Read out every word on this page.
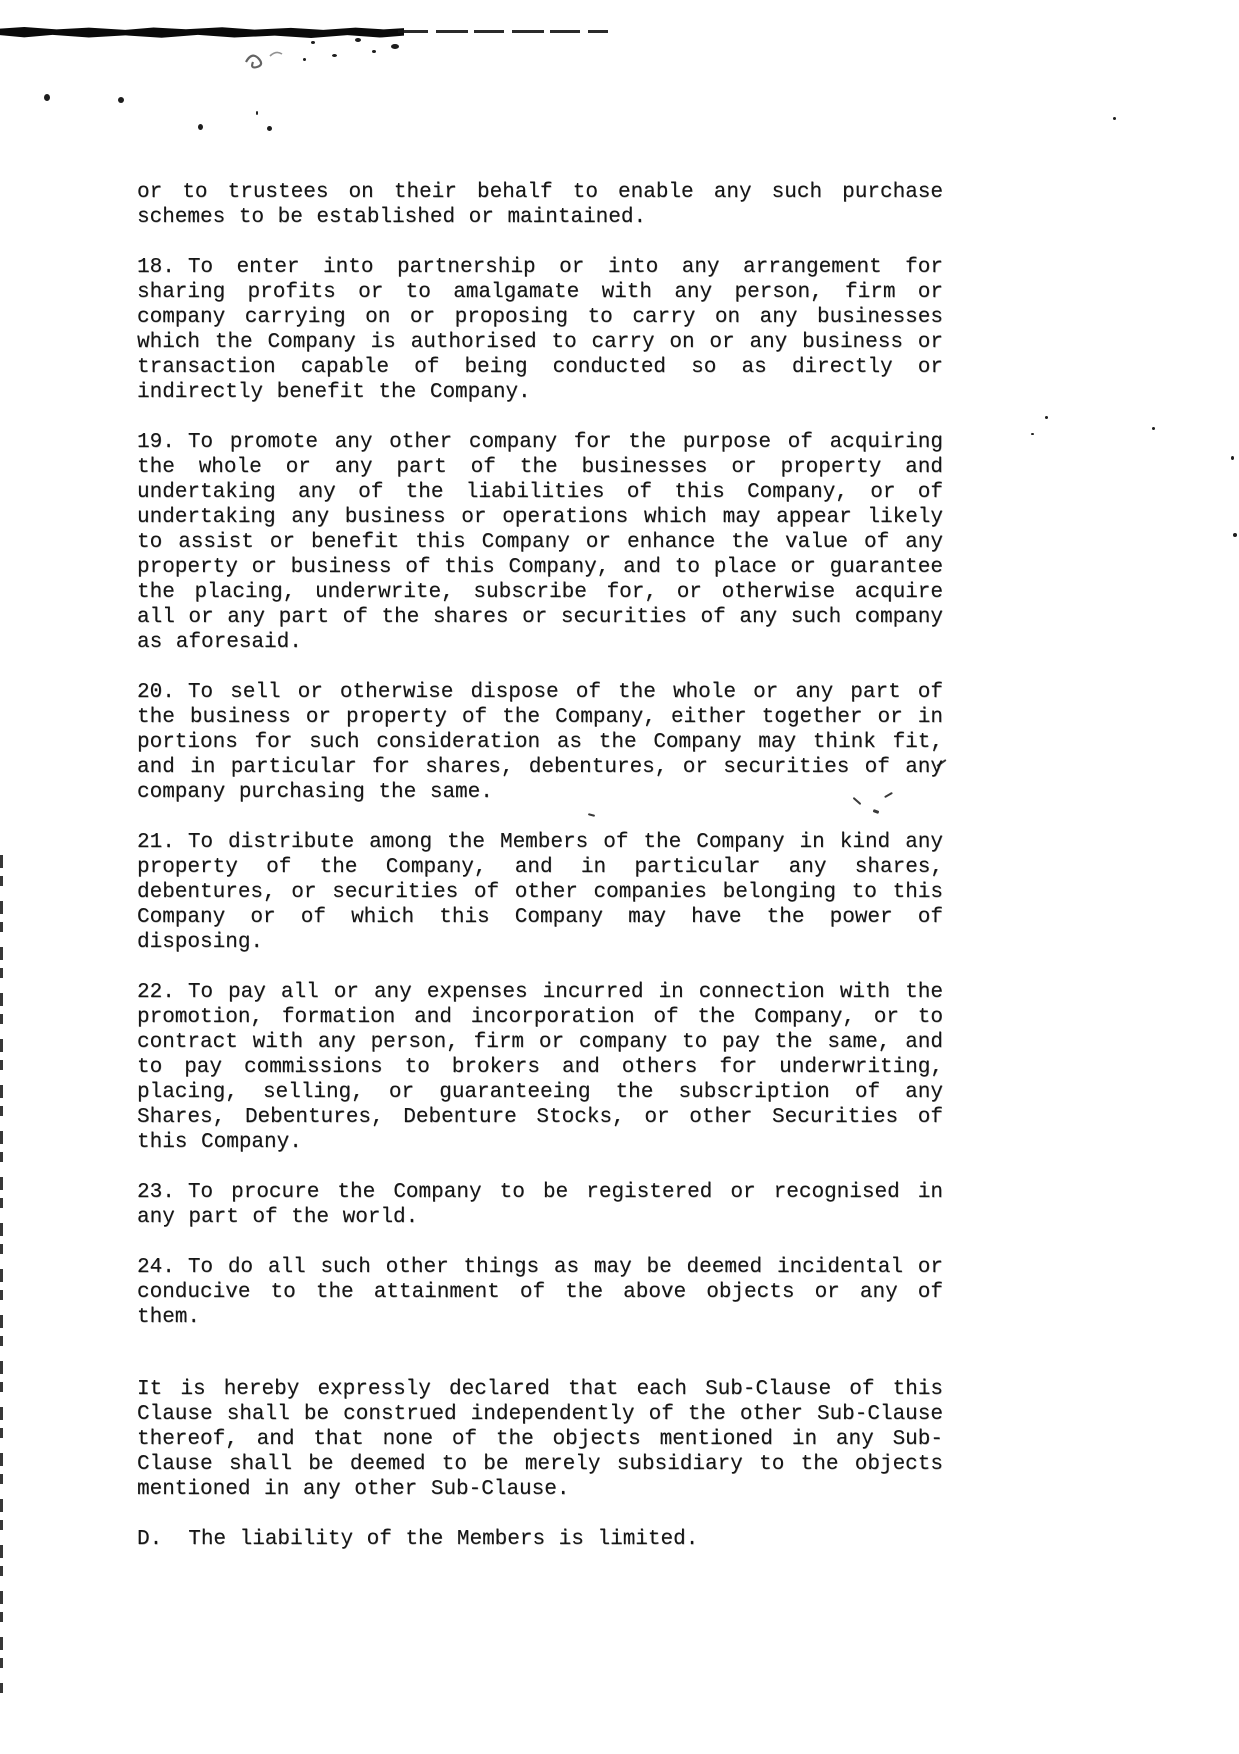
or to trustees on their behalf to enable any such purchase schemes to be established or maintained.

18. To enter into partnership or into any arrangement for sharing profits or to amalgamate with any person, firm or company carrying on or proposing to carry on any businesses which the Company is authorised to carry on or any business or transaction capable of being conducted so as directly or indirectly benefit the Company.

19. To promote any other company for the purpose of acquiring the whole or any part of the businesses or property and undertaking any of the liabilities of this Company, or of undertaking any business or operations which may appear likely to assist or benefit this Company or enhance the value of any property or business of this Company, and to place or guarantee the placing, underwrite, subscribe for, or otherwise acquire all or any part of the shares or securities of any such company as aforesaid.

20. To sell or otherwise dispose of the whole or any part of the business or property of the Company, either together or in portions for such consideration as the Company may think fit, and in particular for shares, debentures, or securities of any company purchasing the same.

21. To distribute among the Members of the Company in kind any property of the Company, and in particular any shares, debentures, or securities of other companies belonging to this Company or of which this Company may have the power of disposing.

22. To pay all or any expenses incurred in connection with the promotion, formation and incorporation of the Company, or to contract with any person, firm or company to pay the same, and to pay commissions to brokers and others for underwriting, placing, selling, or guaranteeing the subscription of any Shares, Debentures, Debenture Stocks, or other Securities of this Company.

23. To procure the Company to be registered or recognised in any part of the world.

24. To do all such other things as may be deemed incidental or conducive to the attainment of the above objects or any of them.

It is hereby expressly declared that each Sub-Clause of this Clause shall be construed independently of the other Sub-Clause thereof, and that none of the objects mentioned in any Sub-Clause shall be deemed to be merely subsidiary to the objects mentioned in any other Sub-Clause.

D. The liability of the Members is limited.
